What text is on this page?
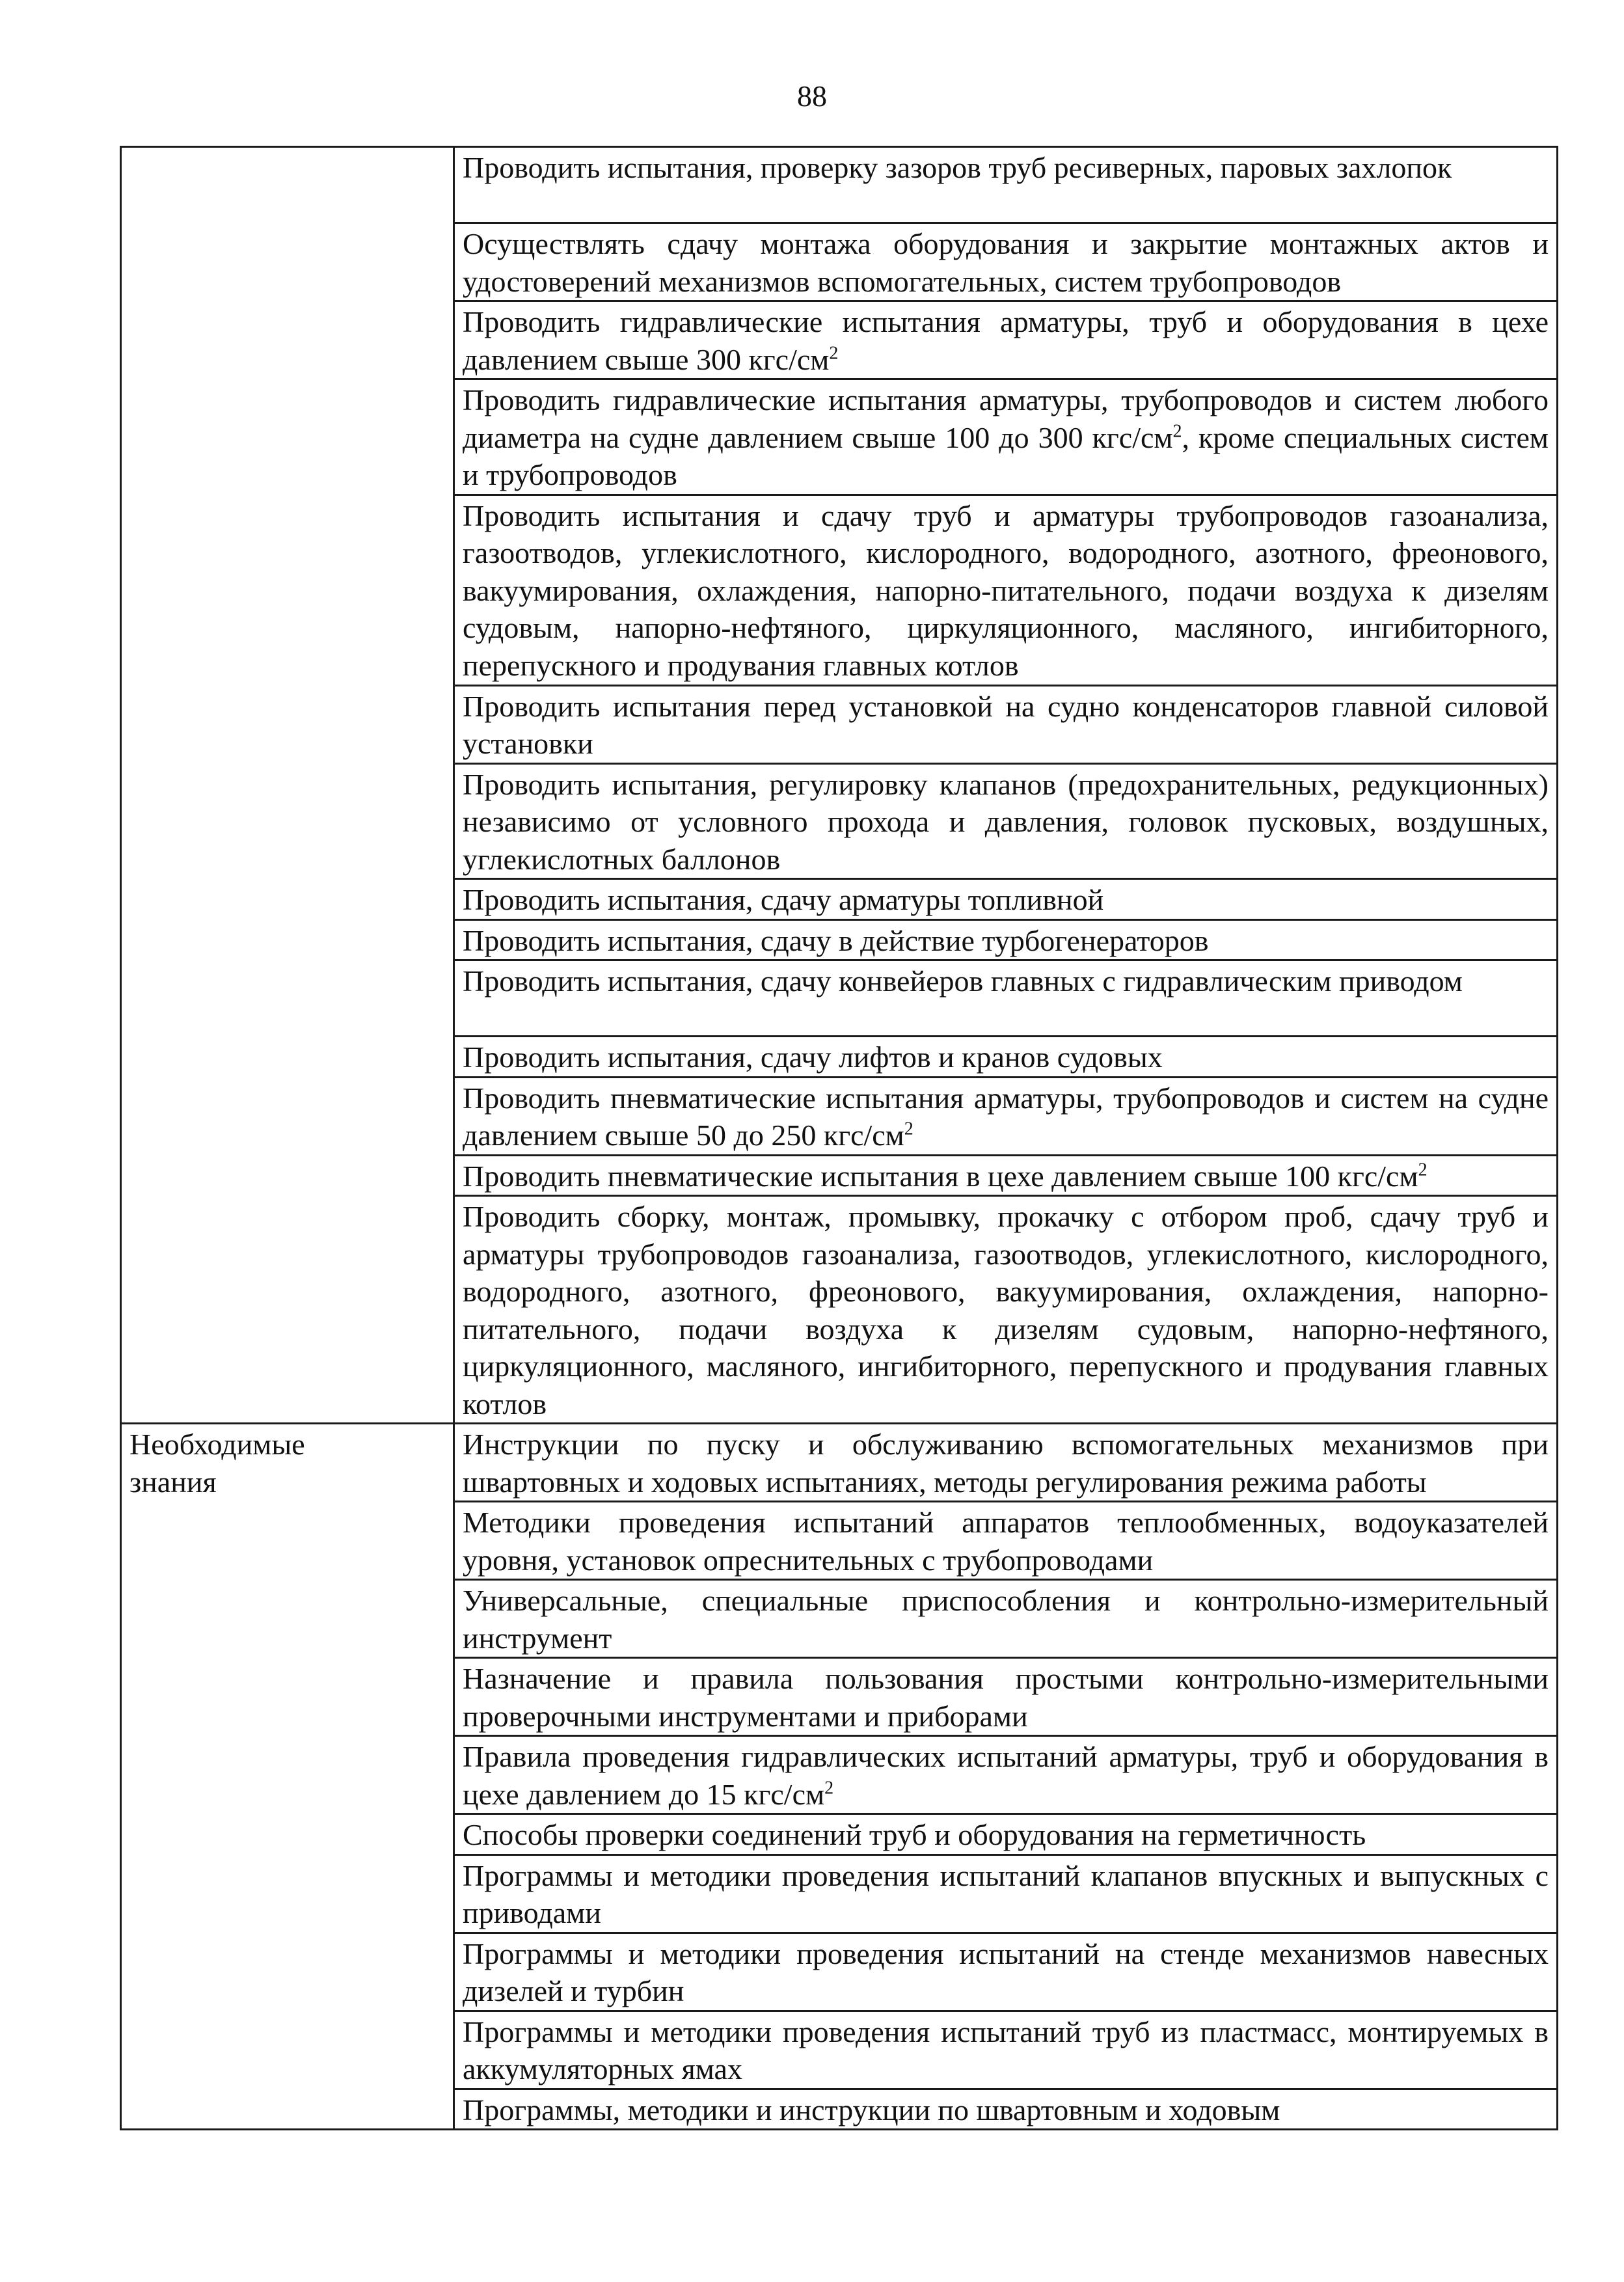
88
	Проводить испытания, проверку зазоров труб ресиверных, паровых захлопок
	Осуществлять сдачу монтажа оборудования и закрытие монтажных актов и удостоверений механизмов вспомогательных, систем трубопроводов
	Проводить гидравлические испытания арматуры, труб и оборудования в цехе давлением свыше 300 кгс/$см^2$
	Проводить гидравлические испытания арматуры, трубопроводов и систем любого диаметра на судне давлением свыше 100 до 300 кгс/$см^2$, кроме специальных систем и трубопроводов
	Проводить испытания и сдачу труб и арматуры трубопроводов газоанализа, газоотводов, углекислотного, кислородного, водородного, азотного, фреонового, вакуумирования, охлаждения, напорно-питательного, подачи воздуха к дизелям судовым, напорно-нефтяного, циркуляционного, масляного, ингибиторного, перепускного и продувания главных котлов
	Проводить испытания перед установкой на судно конденсаторов главной силовой установки
	Проводить испытания, регулировку клапанов (предохранительных, редукционных) независимо от условного прохода и давления, головок пусковых, воздушных, углекислотных баллонов
	Проводить испытания, сдачу арматуры топливной
	Проводить испытания, сдачу в действие турбогенераторов
	Проводить испытания, сдачу конвейеров главных с гидравлическим приводом
	Проводить испытания, сдачу лифтов и кранов судовых
	Проводить пневматические испытания арматуры, трубопроводов и систем на судне давлением свыше 50 до 250 кгс/$см^2$
	Проводить пневматические испытания в цехе давлением свыше 100 кгс/$см^2$
	Проводить сборку, монтаж, промывку, прокачку с отбором проб, сдачу труб и арматуры трубопроводов газоанализа, газоотводов, углекислотного, кислородного, водородного, азотного, фреонового, вакуумирования, охлаждения, напорно-питательного, подачи воздуха к дизелям судовым, напорно-нефтяного, циркуляционного, масляного, ингибиторного, перепускного и продувания главных котлов

Необходимые знания	Инструкции по пуску и обслуживанию вспомогательных механизмов при швартовных и ходовых испытаниях, методы регулирования режима работы
	Методики проведения испытаний аппаратов теплообменных, водоуказателей уровня, установок опреснительных с трубопроводами
	Универсальные, специальные приспособления и контрольно-измерительный инструмент
	Назначение и правила пользования простыми контрольно-измерительными проверочными инструментами и приборами
	Правила проведения гидравлических испытаний арматуры, труб и оборудования в цехе давлением до 15 кгс/$см^2$
	Способы проверки соединений труб и оборудования на герметичность
	Программы и методики проведения испытаний клапанов впускных и выпускных с приводами
	Программы и методики проведения испытаний на стенде механизмов навесных дизелей и турбин
	Программы и методики проведения испытаний труб из пластмасс, монтируемых в аккумуляторных ямах
	Программы, методики и инструкции по швартовным и ходовым
